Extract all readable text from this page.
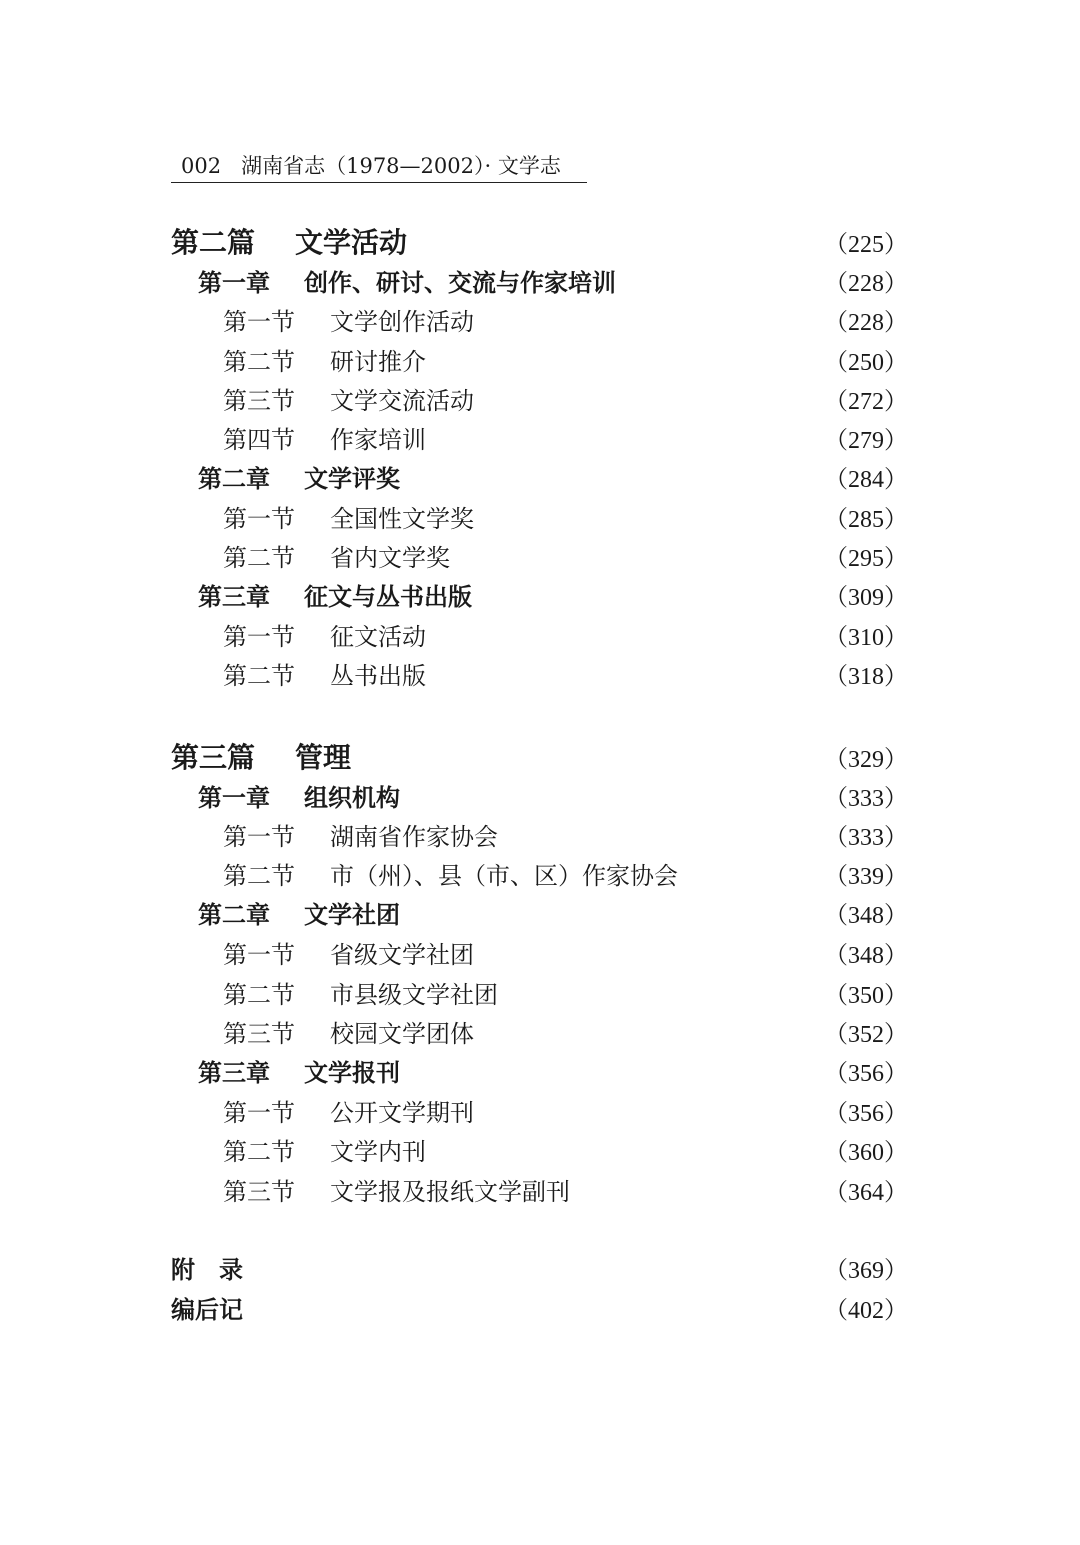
002 湖南省志（1978—2002）· 文学志
第二篇	文学活动	（225）
第一章	创作、研讨、交流与作家培训	（228）
第一节	文学创作活动	（228）
第二节	研讨推介	（250）
第三节	文学交流活动	（272）
第四节	作家培训	（279）
第二章	文学评奖	（284）
第一节	全国性文学奖	（285）
第二节	省内文学奖	（295）
第三章	征文与丛书出版	（309）
第一节	征文活动	（310）
第二节	丛书出版	（318）
第三篇	管理	（329）
第一章	组织机构	（333）
第一节	湖南省作家协会	（333）
第二节	市（州）、县（市、区）作家协会	（339）
第二章	文学社团	（348）
第一节	省级文学社团	（348）
第二节	市县级文学社团	（350）
第三节	校园文学团体	（352）
第三章	文学报刊	（356）
第一节	公开文学期刊	（356）
第二节	文学内刊	（360）
第三节	文学报及报纸文学副刊	（364）
附　录	（369）
编后记	（402）
